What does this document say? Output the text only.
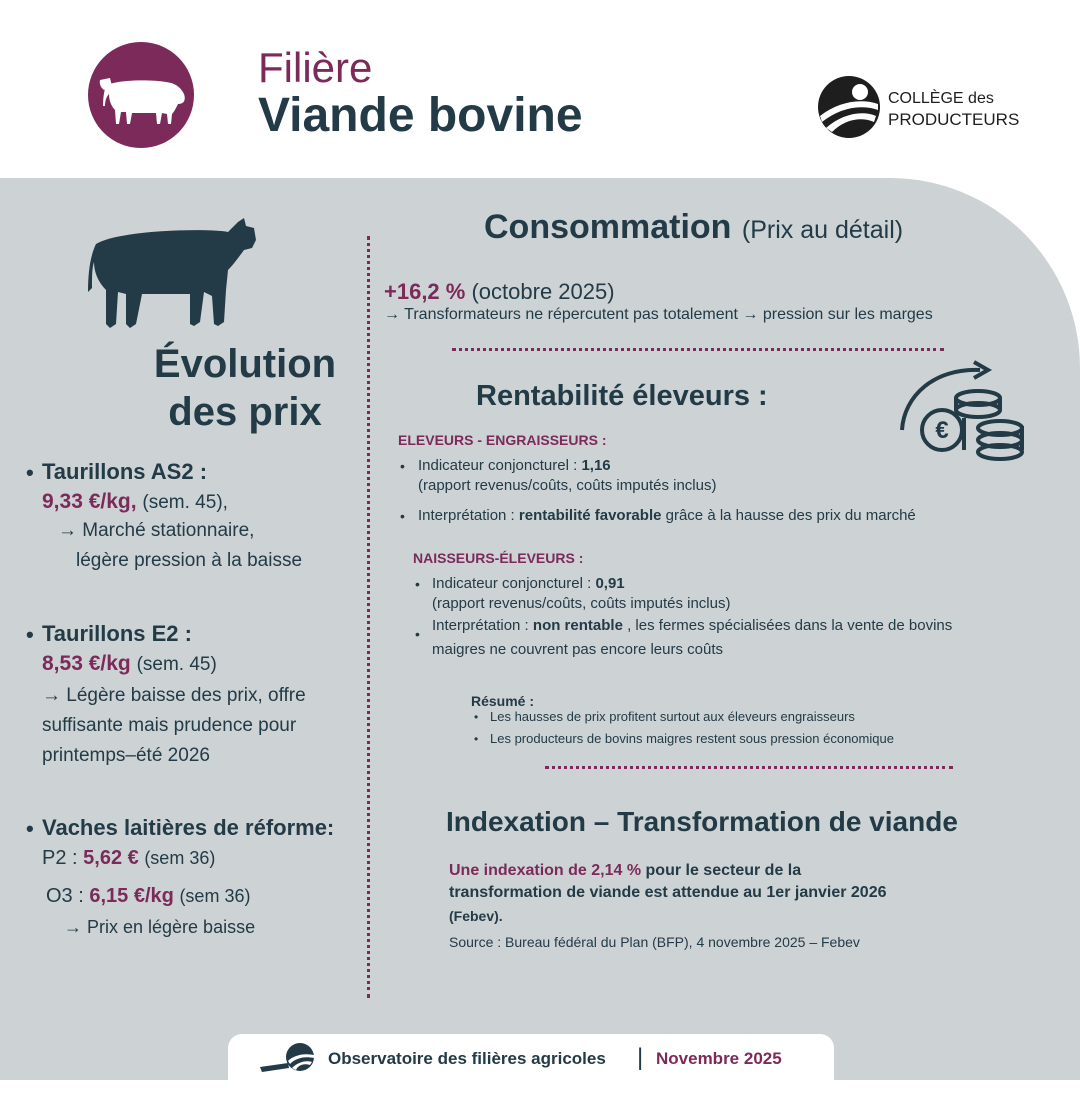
Filière
Viande bovine	COLLÈGE des
PRODUCTEURS
Évolution
des prix
• Taurillons AS2 :
9,33 €/kg, (sem. 45),
→ Marché stationnaire,
légère pression à la baisse
• Taurillons E2 :
8,53 €/kg (sem. 45)
→ Légère baisse des prix, offre
suffisante mais prudence pour
printemps–été 2026
• Vaches laitières de réforme:
P2 : 5,62 € (sem 36)
O3 : 6,15 €/kg (sem 36)
→ Prix en légère baisse
Consommation (Prix au détail)
+16,2 % (octobre 2025)
→ Transformateurs ne répercutent pas totalement → pression sur les marges
Rentabilité éleveurs :
€
ELEVEURS - ENGRAISSEURS :
• Indicateur conjoncturel : 1,16
(rapport revenus/coûts, coûts imputés inclus)
• Interprétation : rentabilité favorable grâce à la hausse des prix du marché
NAISSEURS-ÉLEVEURS :
• Indicateur conjoncturel : 0,91
(rapport revenus/coûts, coûts imputés inclus)
• Interprétation : non rentable , les fermes spécialisées dans la vente de bovins
maigres ne couvrent pas encore leurs coûts
Résumé :
• Les hausses de prix profitent surtout aux éleveurs engraisseurs
• Les producteurs de bovins maigres restent sous pression économique
Indexation – Transformation de viande
Une indexation de 2,14 % pour le secteur de la
transformation de viande est attendue au 1er janvier 2026
(Febev).
Source : Bureau fédéral du Plan (BFP), 4 novembre 2025 – Febev
Observatoire des filières agricoles | Novembre 2025
